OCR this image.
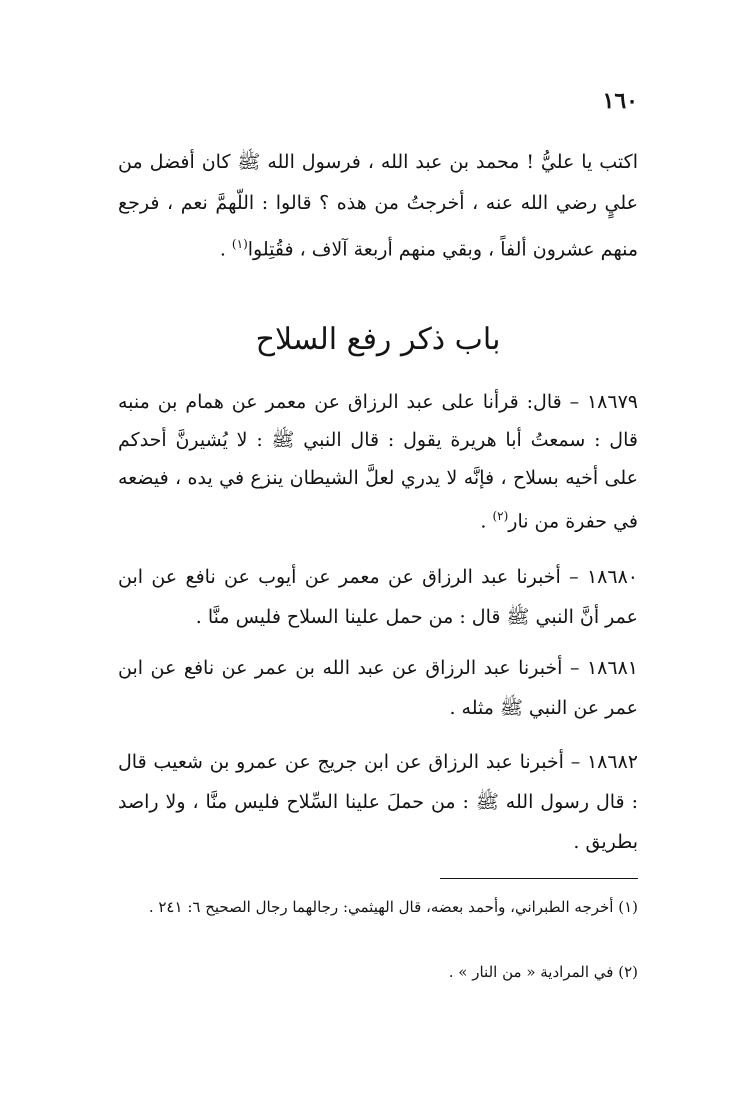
١٦٠

اكتب يا عليُّ ! محمد بن عبد الله ، فرسول الله ﷺ كان أفضل من عليٍ رضي الله عنه ، أخرجتُ من هذه ؟ قالوا : اللّهمَّ نعم ، فرجع منهم عشرون ألفاً ، وبقي منهم أربعة آلاف ، فقُتِلوا$^{(١)}$ .

باب ذكر رفع السلاح

١٨٦٧٩ – قال: قرأنا على عبد الرزاق عن معمر عن همام بن منبه قال : سمعتُ أبا هريرة يقول : قال النبي ﷺ : لا يُشيرنَّ أحدكم على أخيه بسلاح ، فإنَّه لا يدري لعلَّ الشيطان ينزع في يده ، فيضعه في حفرة من نار$^{(٢)}$ .

١٨٦٨٠ – أخبرنا عبد الرزاق عن معمر عن أيوب عن نافع عن ابن عمر أنَّ النبي ﷺ قال : من حمل علينا السلاح فليس منَّا .

١٨٦٨١ – أخبرنا عبد الرزاق عن عبد الله بن عمر عن نافع عن ابن عمر عن النبي ﷺ مثله .

١٨٦٨٢ – أخبرنا عبد الرزاق عن ابن جريج عن عمرو بن شعيب قال : قال رسول الله ﷺ : من حملَ علينا السِّلاح فليس منَّا ، ولا راصد بطريق .

(١) أخرجه الطبراني، وأحمد بعضه، قال الهيثمي: رجالهما رجال الصحيح ٦: ٢٤١ .

(٢) في المرادية « من النار » .
